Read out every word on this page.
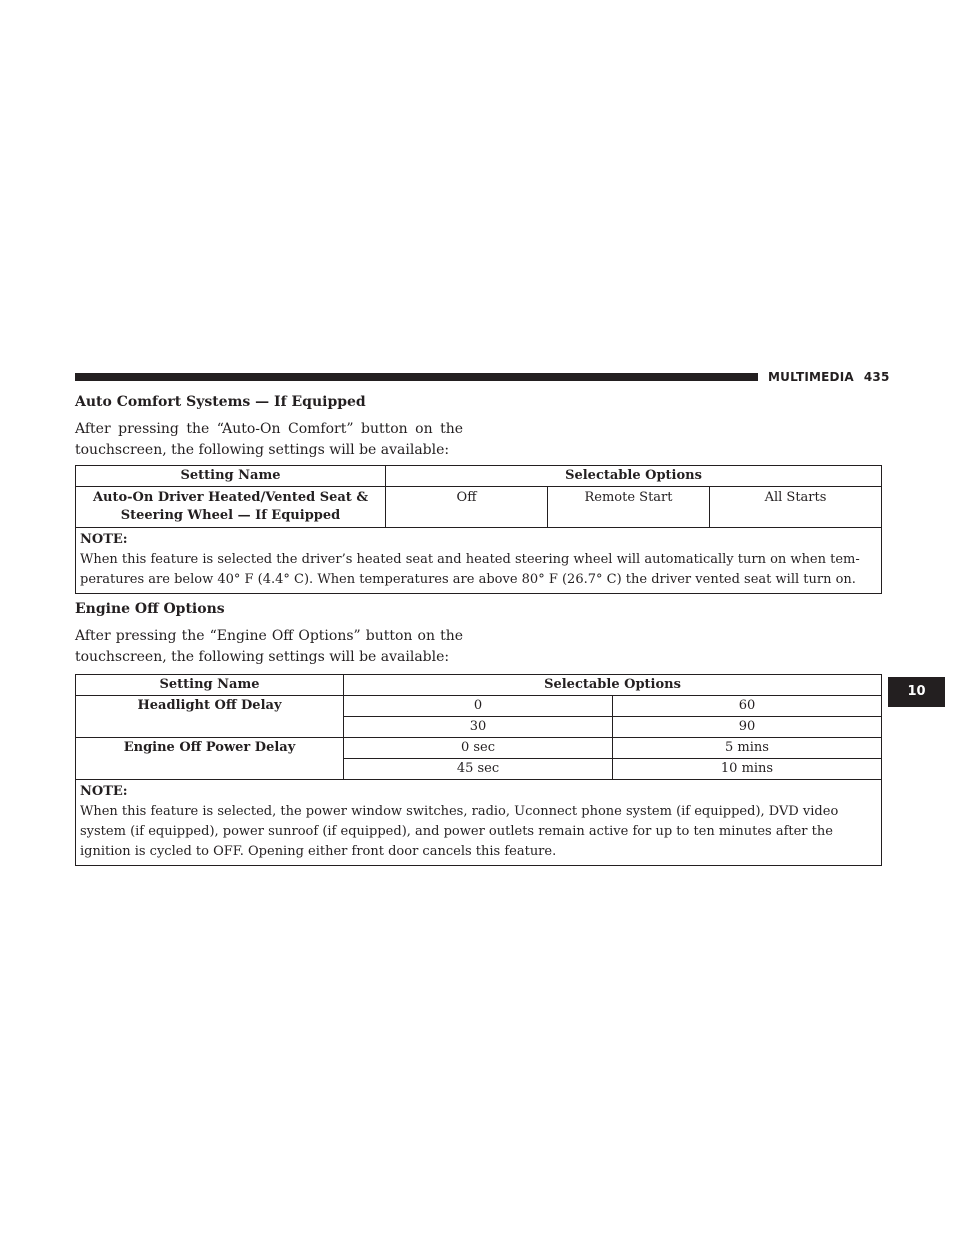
MULTIMEDIA 435
10
Auto Comfort Systems — If Equipped
After pressing the “Auto-On Comfort” button on the touchscreen, the following settings will be available:
Setting Name	Selectable Options		
Auto-On Driver Heated/Vented Seat & Steering Wheel — If Equipped	Off	Remote Start	All Starts

NOTE:
When this feature is selected the driver’s heated seat and heated steering wheel will automatically turn on when tem- peratures are below 40° F (4.4° C). When temperatures are above 80° F (26.7° C) the driver vented seat will turn on.			
Engine Off Options
After pressing the “Engine Off Options” button on the touchscreen, the following settings will be available:
Setting Name	Selectable Options	
Headlight Off Delay	0	60
	30	90
Engine Off Power Delay	0 sec	5 mins
	45 sec	10 mins

NOTE:
When this feature is selected, the power window switches, radio, Uconnect phone system (if equipped), DVD video system (if equipped), power sunroof (if equipped), and power outlets remain active for up to ten minutes after the ignition is cycled to OFF. Opening either front door cancels this feature.		
